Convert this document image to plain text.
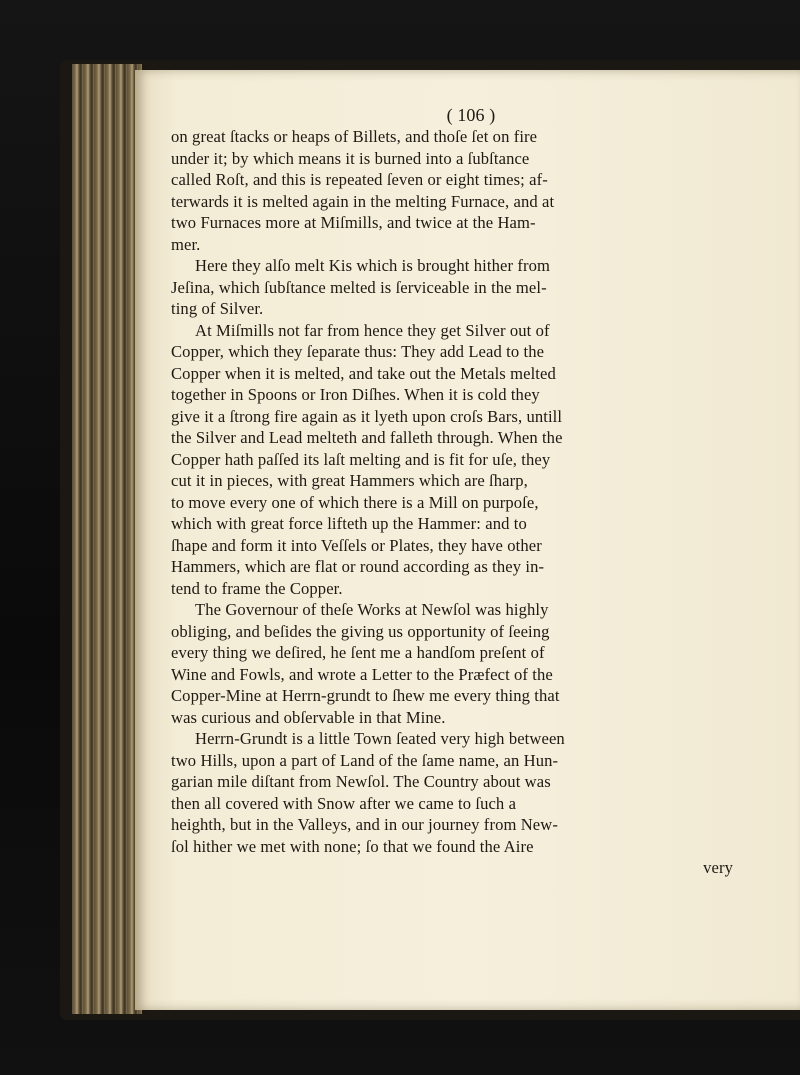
( 106 )
on great ſtacks or heaps of Billets, and thoſe ſet on fire
under it; by which means it is burned into a ſubſtance
called Roſt, and this is repeated ſeven or eight times; af-
terwards it is melted again in the melting Furnace, and at
two Furnaces more at Miſmills, and twice at the Ham-
mer.
Here they alſo melt Kis which is brought hither from
Jeſina, which ſubſtance melted is ſerviceable in the mel-
ting of Silver.
At Miſmills not far from hence they get Silver out of
Copper, which they ſeparate thus: They add Lead to the
Copper when it is melted, and take out the Metals melted
together in Spoons or Iron Diſhes. When it is cold they
give it a ſtrong fire again as it lyeth upon croſs Bars, untill
the Silver and Lead melteth and falleth through. When the
Copper hath paſſed its laſt melting and is fit for uſe, they
cut it in pieces, with great Hammers which are ſharp,
to move every one of which there is a Mill on purpoſe,
which with great force lifteth up the Hammer: and to
ſhape and form it into Veſſels or Plates, they have other
Hammers, which are flat or round according as they in-
tend to frame the Copper.
The Governour of theſe Works at Newſol was highly
obliging, and beſides the giving us opportunity of ſeeing
every thing we deſired, he ſent me a handſom preſent of
Wine and Fowls, and wrote a Letter to the Præfect of the
Copper-Mine at Herrn-grundt to ſhew me every thing that
was curious and obſervable in that Mine.
Herrn-Grundt is a little Town ſeated very high between
two Hills, upon a part of Land of the ſame name, an Hun-
garian mile diſtant from Newſol. The Country about was
then all covered with Snow after we came to ſuch a
heighth, but in the Valleys, and in our journey from New-
ſol hither we met with none; ſo that we found the Aire
very
